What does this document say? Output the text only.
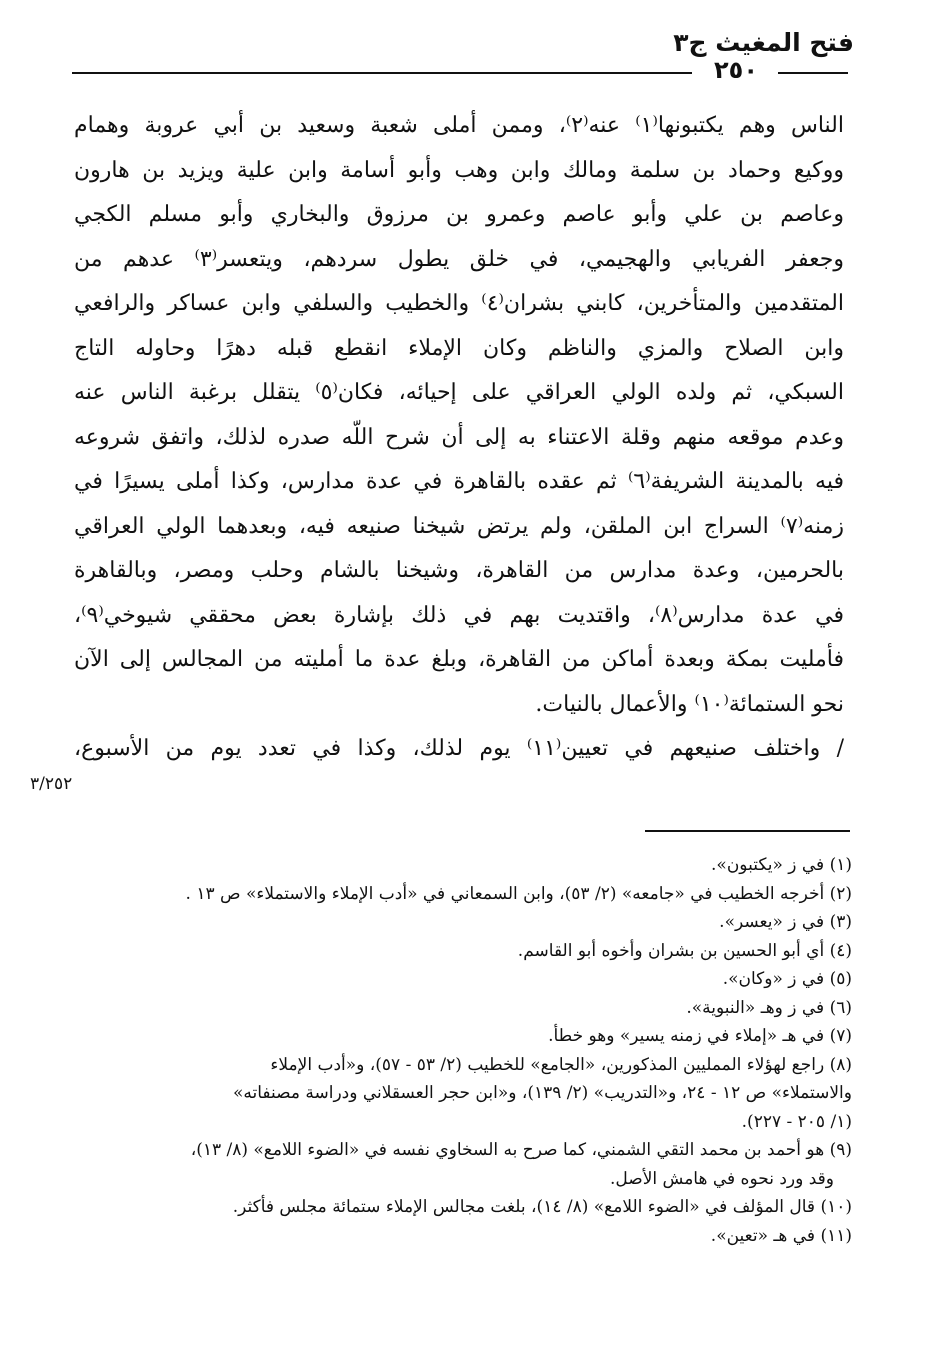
فتح المغيث ج٣
٢٥٠
الناس وهم يكتبونها⁽١⁾ عنه⁽٢⁾، وممن أملى شعبة وسعيد بن أبي عروبة وهمام
ووكيع وحماد بن سلمة ومالك وابن وهب وأبو أسامة وابن علية ويزيد بن هارون
وعاصم بن علي وأبو عاصم وعمرو بن مرزوق والبخاري وأبو مسلم الكجي
وجعفر الفريابي والهجيمي، في خلق يطول سردهم، ويتعسر⁽٣⁾ عدهم من
المتقدمين والمتأخرين، كابني بشران⁽٤⁾ والخطيب والسلفي وابن عساكر والرافعي
وابن الصلاح والمزي والناظم وكان الإملاء انقطع قبله دهرًا وحاوله التاج
السبكي، ثم ولده الولي العراقي على إحيائه، فكان⁽٥⁾ يتقلل برغبة الناس عنه
وعدم موقعه منهم وقلة الاعتناء به إلى أن شرح اللّه صدره لذلك، واتفق شروعه
فيه بالمدينة الشريفة⁽٦⁾ ثم عقده بالقاهرة في عدة مدارس، وكذا أملى يسيرًا في
زمنه⁽٧⁾ السراج ابن الملقن، ولم يرتض شيخنا صنيعه فيه، وبعدهما الولي العراقي
بالحرمين، وعدة مدارس من القاهرة، وشيخنا بالشام وحلب ومصر، وبالقاهرة
في عدة مدارس⁽٨⁾، واقتديت بهم في ذلك بإشارة بعض محققي شيوخي⁽٩⁾،
فأمليت بمكة وبعدة أماكن من القاهرة، وبلغ عدة ما أمليته من المجالس إلى الآن
نحو الستمائة⁽١٠⁾ والأعمال بالنيات.
/ واختلف صنيعهم في تعيين⁽١١⁾ يوم لذلك، وكذا في تعدد يوم من الأسبوع،
٣/٢٥٢
(١) في ز «يكتبون».
(٢) أخرجه الخطيب في «جامعه» (٢/ ٥٣)، وابن السمعاني في «أدب الإملاء والاستملاء» ص ١٣ .
(٣) في ز «يعسر».
(٤) أي أبو الحسين بن بشران وأخوه أبو القاسم.
(٥) في ز «وكان».
(٦) في ز وهـ «النبوية».
(٧) في هـ «إملاء في زمنه يسير» وهو خطأ.
(٨) راجع لهؤلاء الممليين المذكورين، «الجامع» للخطيب (٢/ ٥٣ - ٥٧)، و«أدب الإملاء
والاستملاء» ص ١٢ - ٢٤، و«التدريب» (٢/ ١٣٩)، و«ابن حجر العسقلاني ودراسة مصنفاته»
(١/ ٢٠٥ - ٢٢٧).
(٩) هو أحمد بن محمد التقي الشمني، كما صرح به السخاوي نفسه في «الضوء اللامع» (٨/ ١٣)،
وقد ورد نحوه في هامش الأصل.
(١٠) قال المؤلف في «الضوء اللامع» (٨/ ١٤)، بلغت مجالس الإملاء ستمائة مجلس فأكثر.
(١١) في هـ «تعين».
